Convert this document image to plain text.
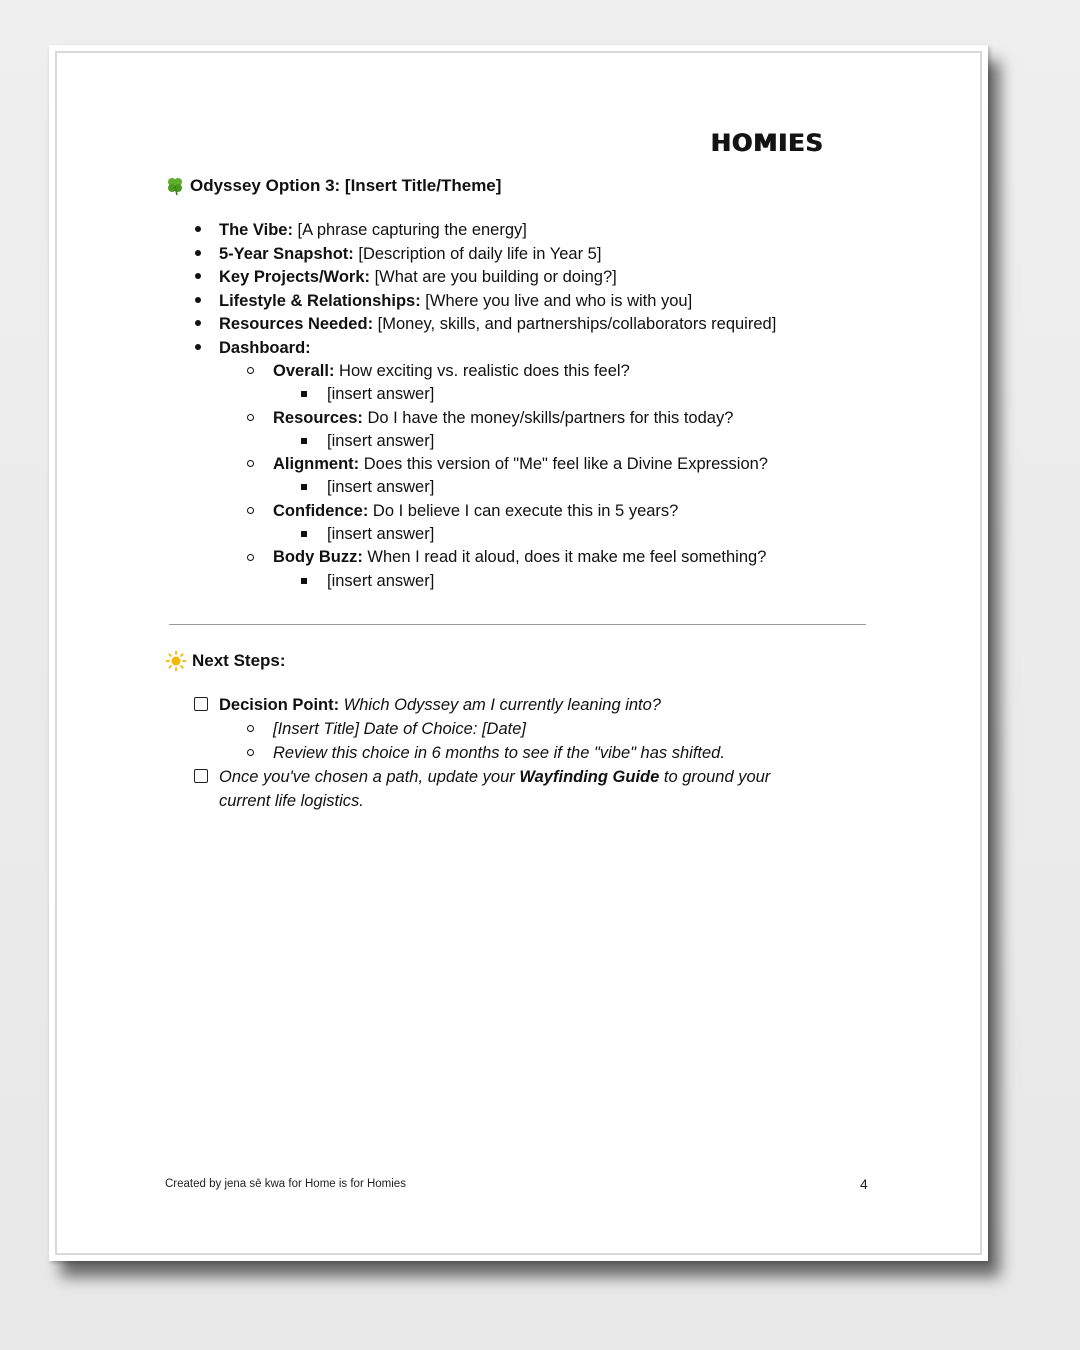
HOMIES
Odyssey Option 3: [Insert Title/Theme]
The Vibe: [A phrase capturing the energy]
5-Year Snapshot: [Description of daily life in Year 5]
Key Projects/Work: [What are you building or doing?]
Lifestyle & Relationships: [Where you live and who is with you]
Resources Needed: [Money, skills, and partnerships/collaborators required]
Dashboard:
Overall: How exciting vs. realistic does this feel?
[insert answer]
Resources: Do I have the money/skills/partners for this today?
[insert answer]
Alignment: Does this version of "Me" feel like a Divine Expression?
[insert answer]
Confidence: Do I believe I can execute this in 5 years?
[insert answer]
Body Buzz: When I read it aloud, does it make me feel something?
[insert answer]
Next Steps:
Decision Point: Which Odyssey am I currently leaning into?
[Insert Title] Date of Choice: [Date]
Review this choice in 6 months to see if the "vibe" has shifted.
Once you've chosen a path, update your Wayfinding Guide to ground your
current life logistics.
Created by jena sē kwa for Home is for Homies	4
